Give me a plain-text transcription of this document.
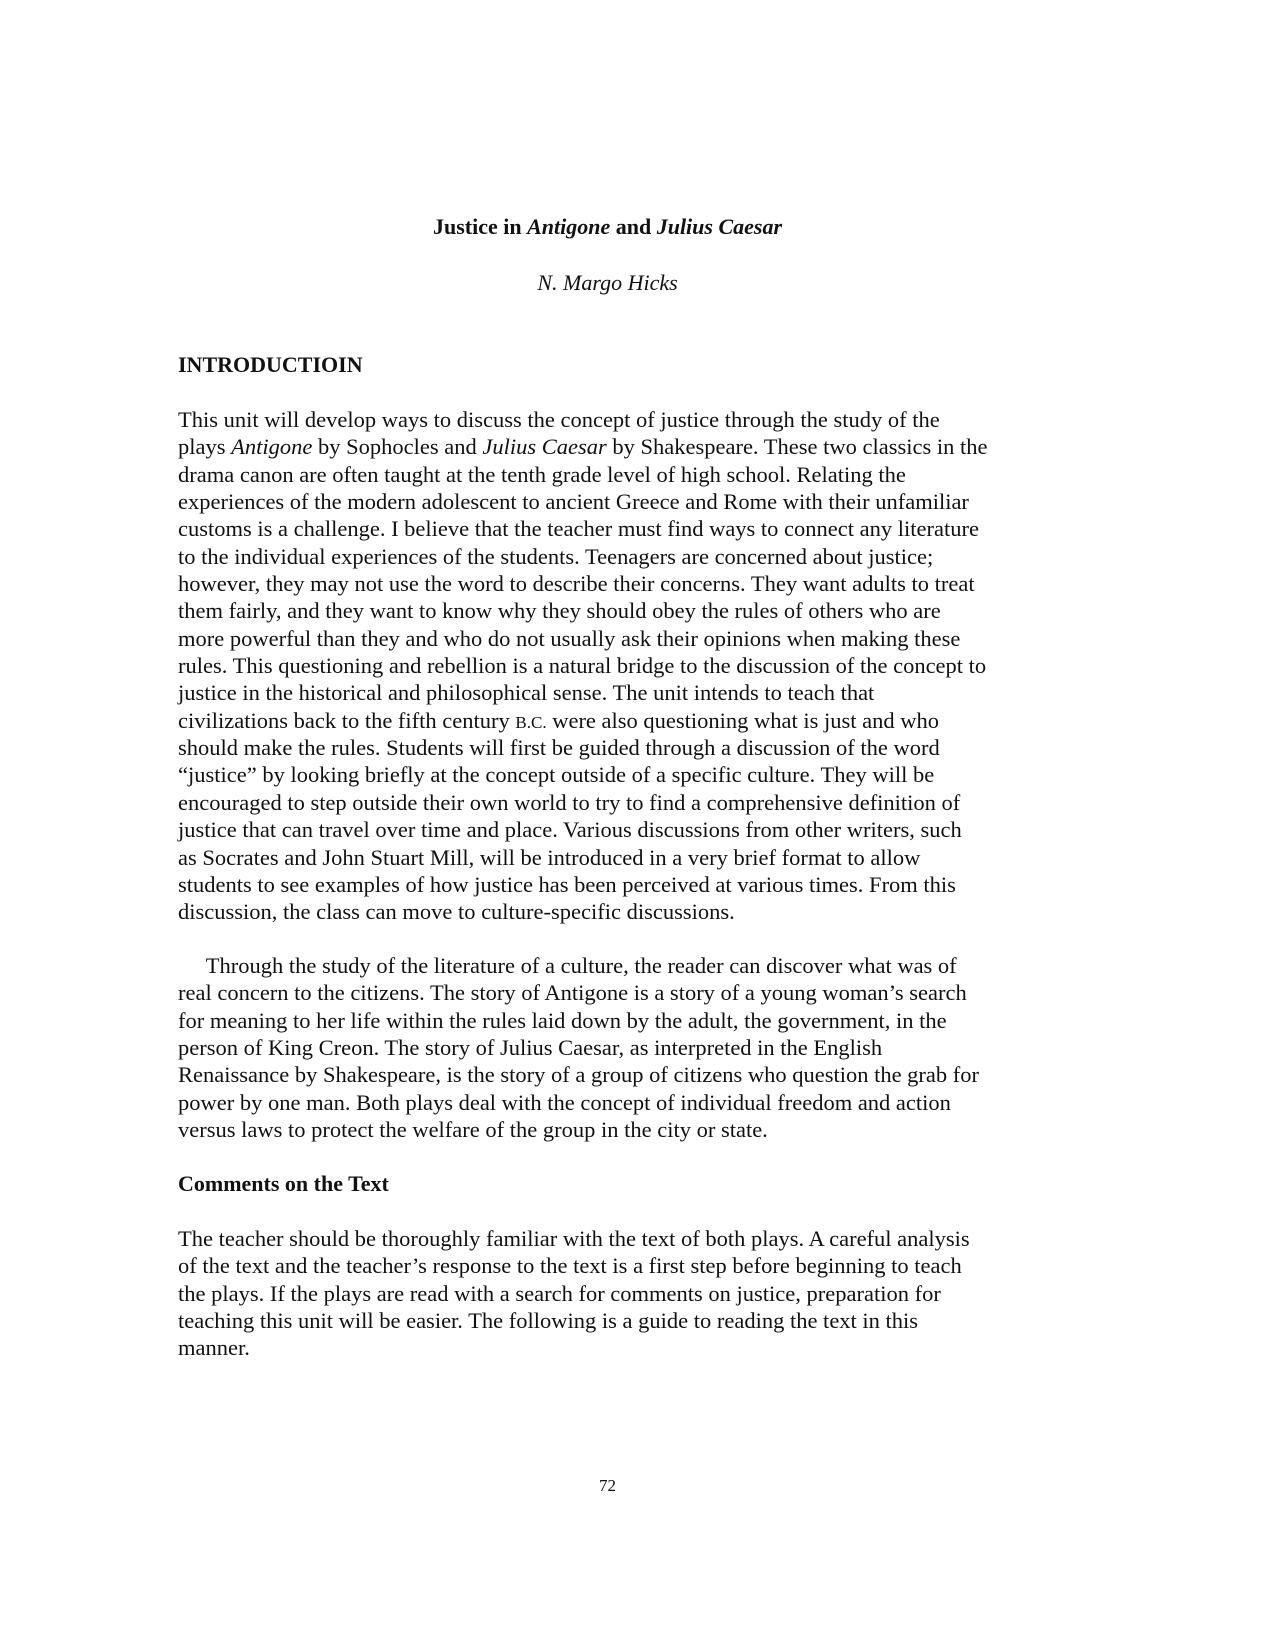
Justice in Antigone and Julius Caesar
N. Margo Hicks
INTRODUCTIOIN
This unit will develop ways to discuss the concept of justice through the study of the
plays Antigone by Sophocles and Julius Caesar by Shakespeare. These two classics in the
drama canon are often taught at the tenth grade level of high school. Relating the
experiences of the modern adolescent to ancient Greece and Rome with their unfamiliar
customs is a challenge. I believe that the teacher must find ways to connect any literature
to the individual experiences of the students. Teenagers are concerned about justice;
however, they may not use the word to describe their concerns. They want adults to treat
them fairly, and they want to know why they should obey the rules of others who are
more powerful than they and who do not usually ask their opinions when making these
rules. This questioning and rebellion is a natural bridge to the discussion of the concept to
justice in the historical and philosophical sense. The unit intends to teach that
civilizations back to the fifth century B.C. were also questioning what is just and who
should make the rules. Students will first be guided through a discussion of the word
“justice” by looking briefly at the concept outside of a specific culture. They will be
encouraged to step outside their own world to try to find a comprehensive definition of
justice that can travel over time and place. Various discussions from other writers, such
as Socrates and John Stuart Mill, will be introduced in a very brief format to allow
students to see examples of how justice has been perceived at various times. From this
discussion, the class can move to culture-specific discussions.
Through the study of the literature of a culture, the reader can discover what was of
real concern to the citizens. The story of Antigone is a story of a young woman’s search
for meaning to her life within the rules laid down by the adult, the government, in the
person of King Creon. The story of Julius Caesar, as interpreted in the English
Renaissance by Shakespeare, is the story of a group of citizens who question the grab for
power by one man. Both plays deal with the concept of individual freedom and action
versus laws to protect the welfare of the group in the city or state.
Comments on the Text
The teacher should be thoroughly familiar with the text of both plays. A careful analysis
of the text and the teacher’s response to the text is a first step before beginning to teach
the plays. If the plays are read with a search for comments on justice, preparation for
teaching this unit will be easier. The following is a guide to reading the text in this
manner.
72
